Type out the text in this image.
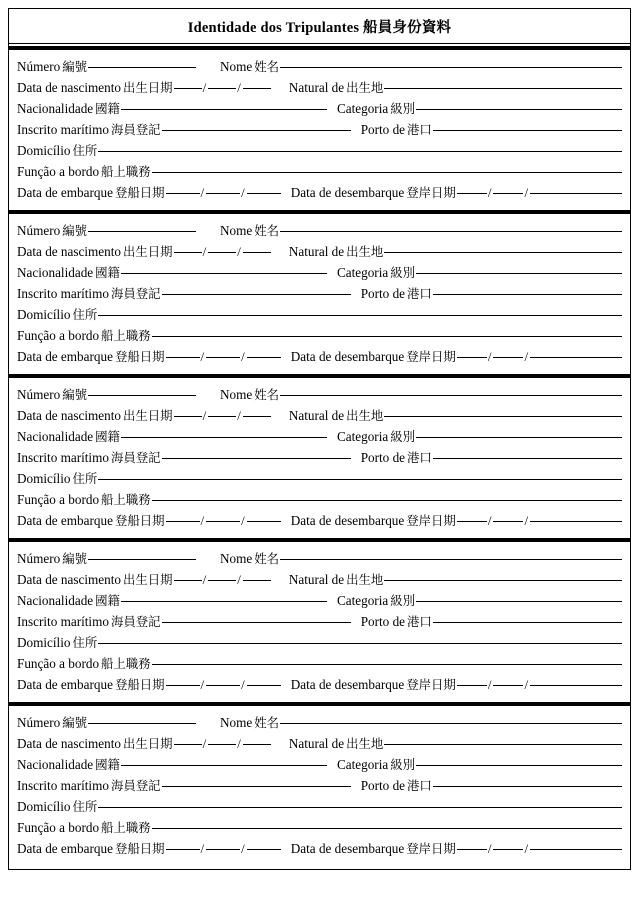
Identidade dos Tripulantes 船員身份資料
Número 編號	Nome 姓名
Data de nascimento 出生日期 / /	Natural de 出生地
Nacionalidade 國籍	Categoria 級別
Inscrito marítimo 海員登記	Porto de 港口
Domicílio 住所
Função a bordo 船上職務
Data de embarque 登船日期	/	/	Data de desembarque 登岸日期 /	/
Número 編號	Nome 姓名
Data de nascimento 出生日期 / /	Natural de 出生地
Nacionalidade 國籍	Categoria 級別
Inscrito marítimo 海員登記	Porto de 港口
Domicílio 住所
Função a bordo 船上職務
Data de embarque 登船日期	/	/	Data de desembarque 登岸日期 /	/
Número 編號	Nome 姓名
Data de nascimento 出生日期 / /	Natural de 出生地
Nacionalidade 國籍	Categoria 級別
Inscrito marítimo 海員登記	Porto de 港口
Domicílio 住所
Função a bordo 船上職務
Data de embarque 登船日期	/	/	Data de desembarque 登岸日期 /	/
Número 編號	Nome 姓名
Data de nascimento 出生日期 / /	Natural de 出生地
Nacionalidade 國籍	Categoria 級別
Inscrito marítimo 海員登記	Porto de 港口
Domicílio 住所
Função a bordo 船上職務
Data de embarque 登船日期	/	/	Data de desembarque 登岸日期 /	/
Número 編號	Nome 姓名
Data de nascimento 出生日期 / /	Natural de 出生地
Nacionalidade 國籍	Categoria 級別
Inscrito marítimo 海員登記	Porto de 港口
Domicílio 住所
Função a bordo 船上職務
Data de embarque 登船日期	/	/	Data de desembarque 登岸日期 /	/
